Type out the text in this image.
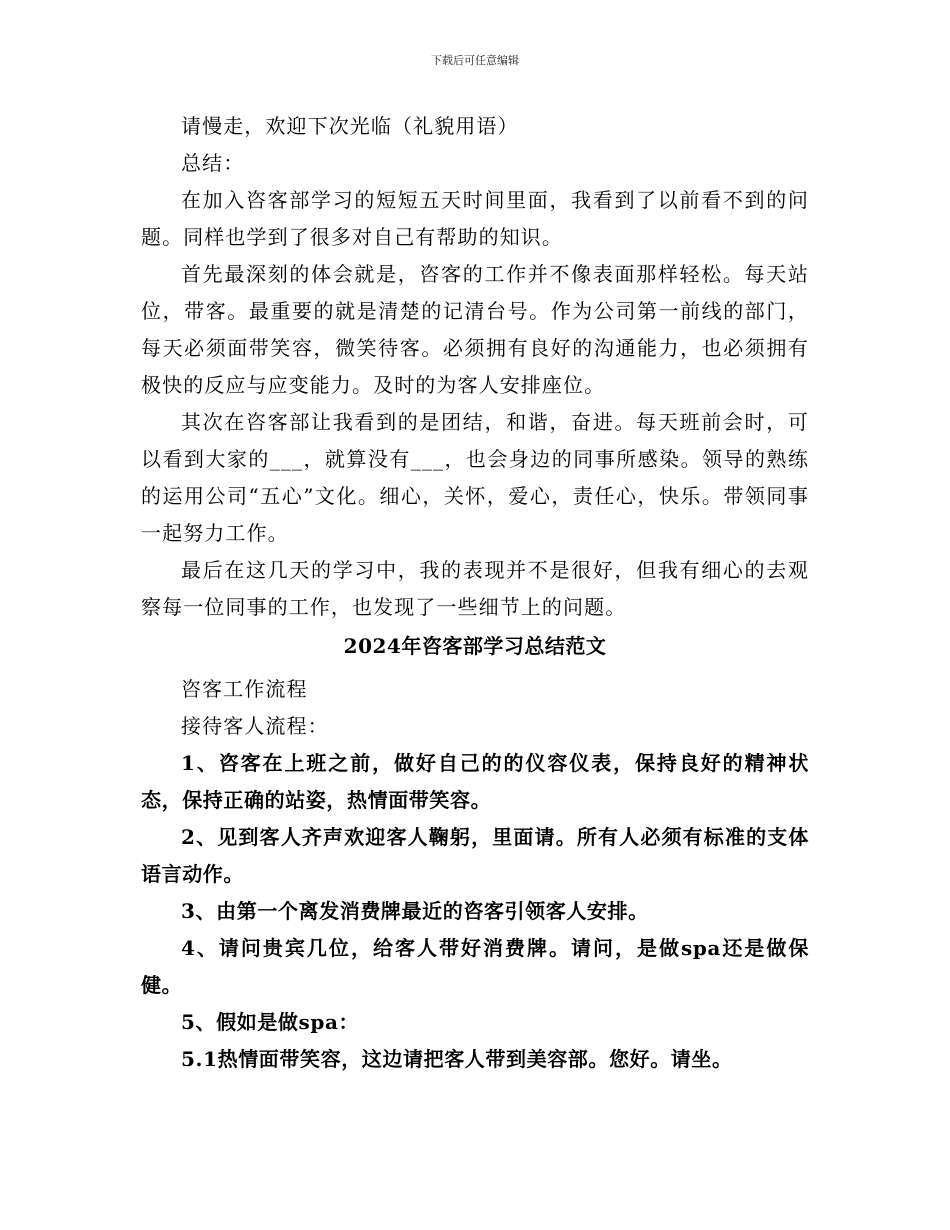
下载后可任意编辑

请慢走，欢迎下次光临（礼貌用语）

总结：

在加入咨客部学习的短短五天时间里面，我看到了以前看不到的问题。同样也学到了很多对自己有帮助的知识。

首先最深刻的体会就是，咨客的工作并不像表面那样轻松。每天站位，带客。最重要的就是清楚的记清台号。作为公司第一前线的部门，每天必须面带笑容，微笑待客。必须拥有良好的沟通能力，也必须拥有极快的反应与应变能力。及时的为客人安排座位。

其次在咨客部让我看到的是团结，和谐，奋进。每天班前会时，可以看到大家的___，就算没有___，也会身边的同事所感染。领导的熟练的运用公司“五心”文化。细心，关怀，爱心，责任心，快乐。带领同事一起努力工作。

最后在这几天的学习中，我的表现并不是很好，但我有细心的去观察每一位同事的工作，也发现了一些细节上的问题。

2024年咨客部学习总结范文

咨客工作流程

接待客人流程：

1、咨客在上班之前，做好自己的的仪容仪表，保持良好的精神状态，保持正确的站姿，热情面带笑容。

2、见到客人齐声欢迎客人鞠躬，里面请。所有人必须有标准的支体语言动作。

3、由第一个离发消费牌最近的咨客引领客人安排。

4、请问贵宾几位，给客人带好消费牌。请问，是做spa还是做保健。

5、假如是做spa：

5.1热情面带笑容，这边请把客人带到美容部。您好。请坐。
